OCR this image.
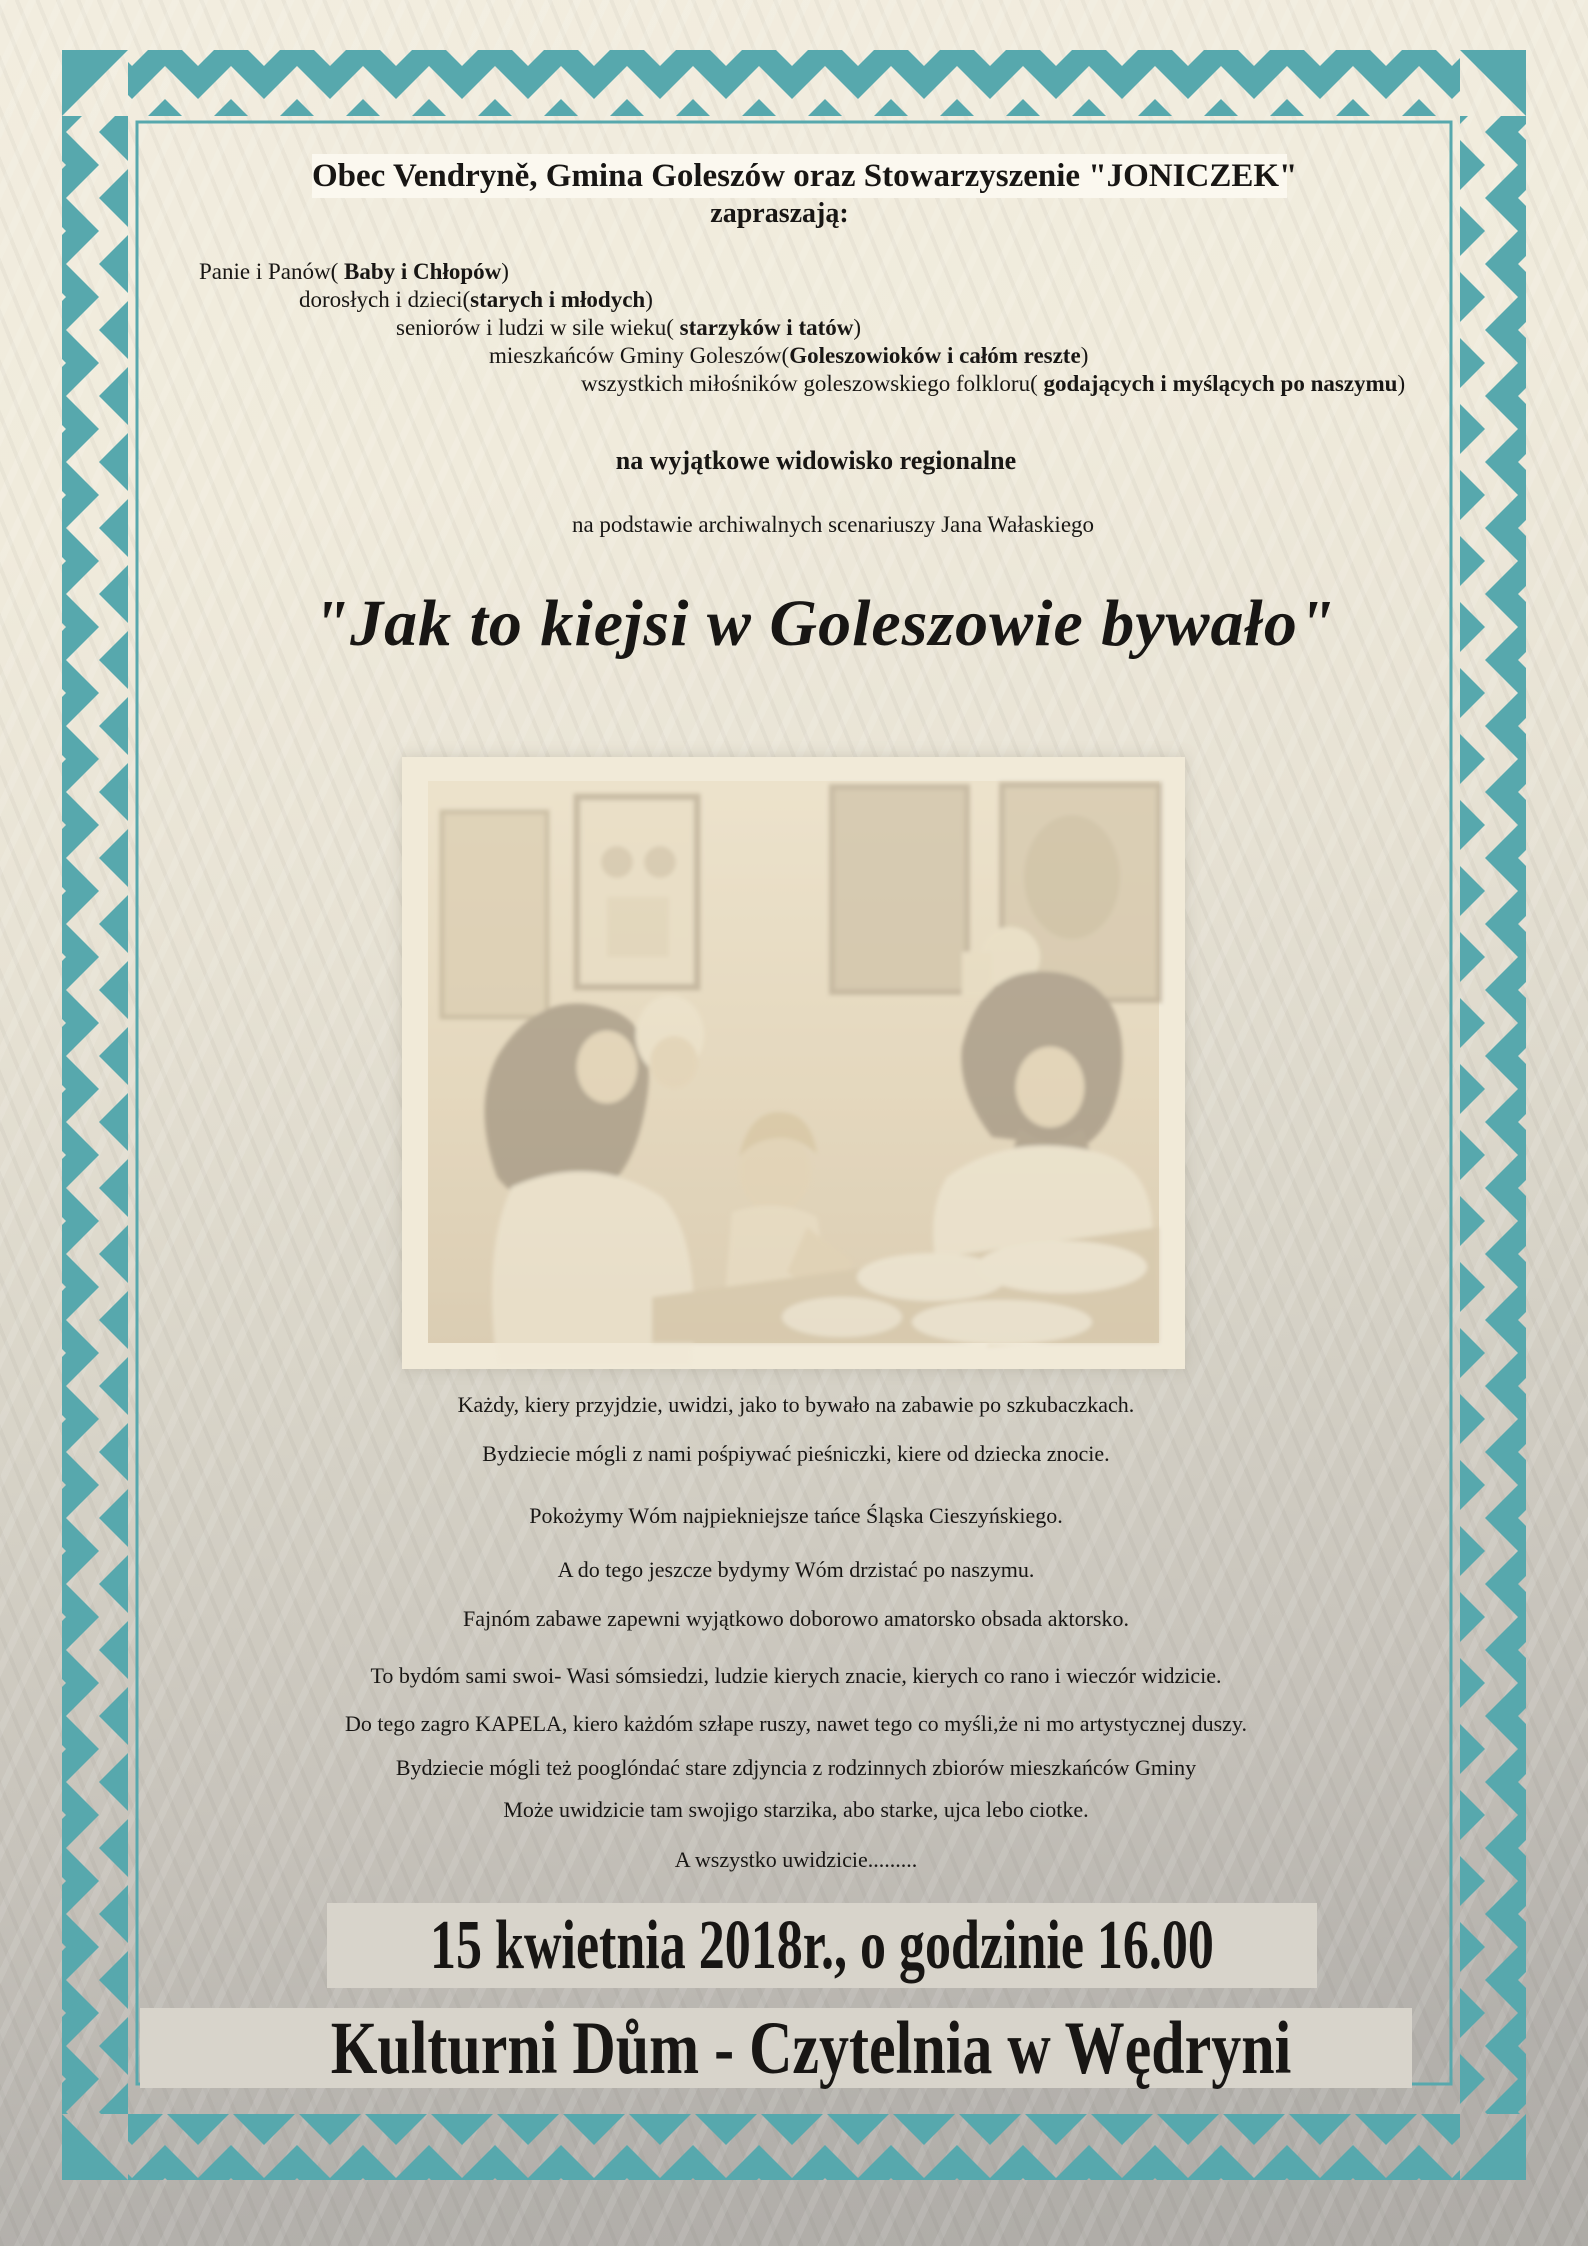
Obec Vendryně, Gmina Goleszów oraz Stowarzyszenie "JONICZEK"
zapraszają:
Panie i Panów( Baby i Chłopów)
dorosłych i dzieci(starych i młodych)
seniorów i ludzi w sile wieku( starzyków i tatów)
mieszkańców Gminy Goleszów(Goleszowioków i całóm reszte)
wszystkich miłośników goleszowskiego folkloru( godających i myślących po naszymu)
na wyjątkowe widowisko regionalne
na podstawie archiwalnych scenariuszy Jana Wałaskiego
"Jak to kiejsi w Goleszowie bywało"
Każdy, kiery przyjdzie, uwidzi, jako to bywało na zabawie po szkubaczkach.
Bydziecie mógli z nami pośpiywać pieśniczki, kiere od dziecka znocie.
Pokożymy Wóm najpiekniejsze tańce Śląska Cieszyńskiego.
A do tego jeszcze bydymy Wóm drzistać po naszymu.
Fajnóm zabawe zapewni wyjątkowo doborowo amatorsko obsada aktorsko.
To bydóm sami swoi- Wasi sómsiedzi, ludzie kierych znacie, kierych co rano i wieczór widzicie.
Do tego zagro KAPELA, kiero każdóm szłape ruszy, nawet tego co myśli,że ni mo artystycznej duszy.
Bydziecie mógli też pooglóndać stare zdjyncia z rodzinnych zbiorów mieszkańców Gminy
Może uwidzicie tam swojigo starzika, abo starke, ujca lebo ciotke.
A wszystko uwidzicie.........
15 kwietnia 2018r., o godzinie 16.00
Kulturni Dům - Czytelnia w Wędryni
